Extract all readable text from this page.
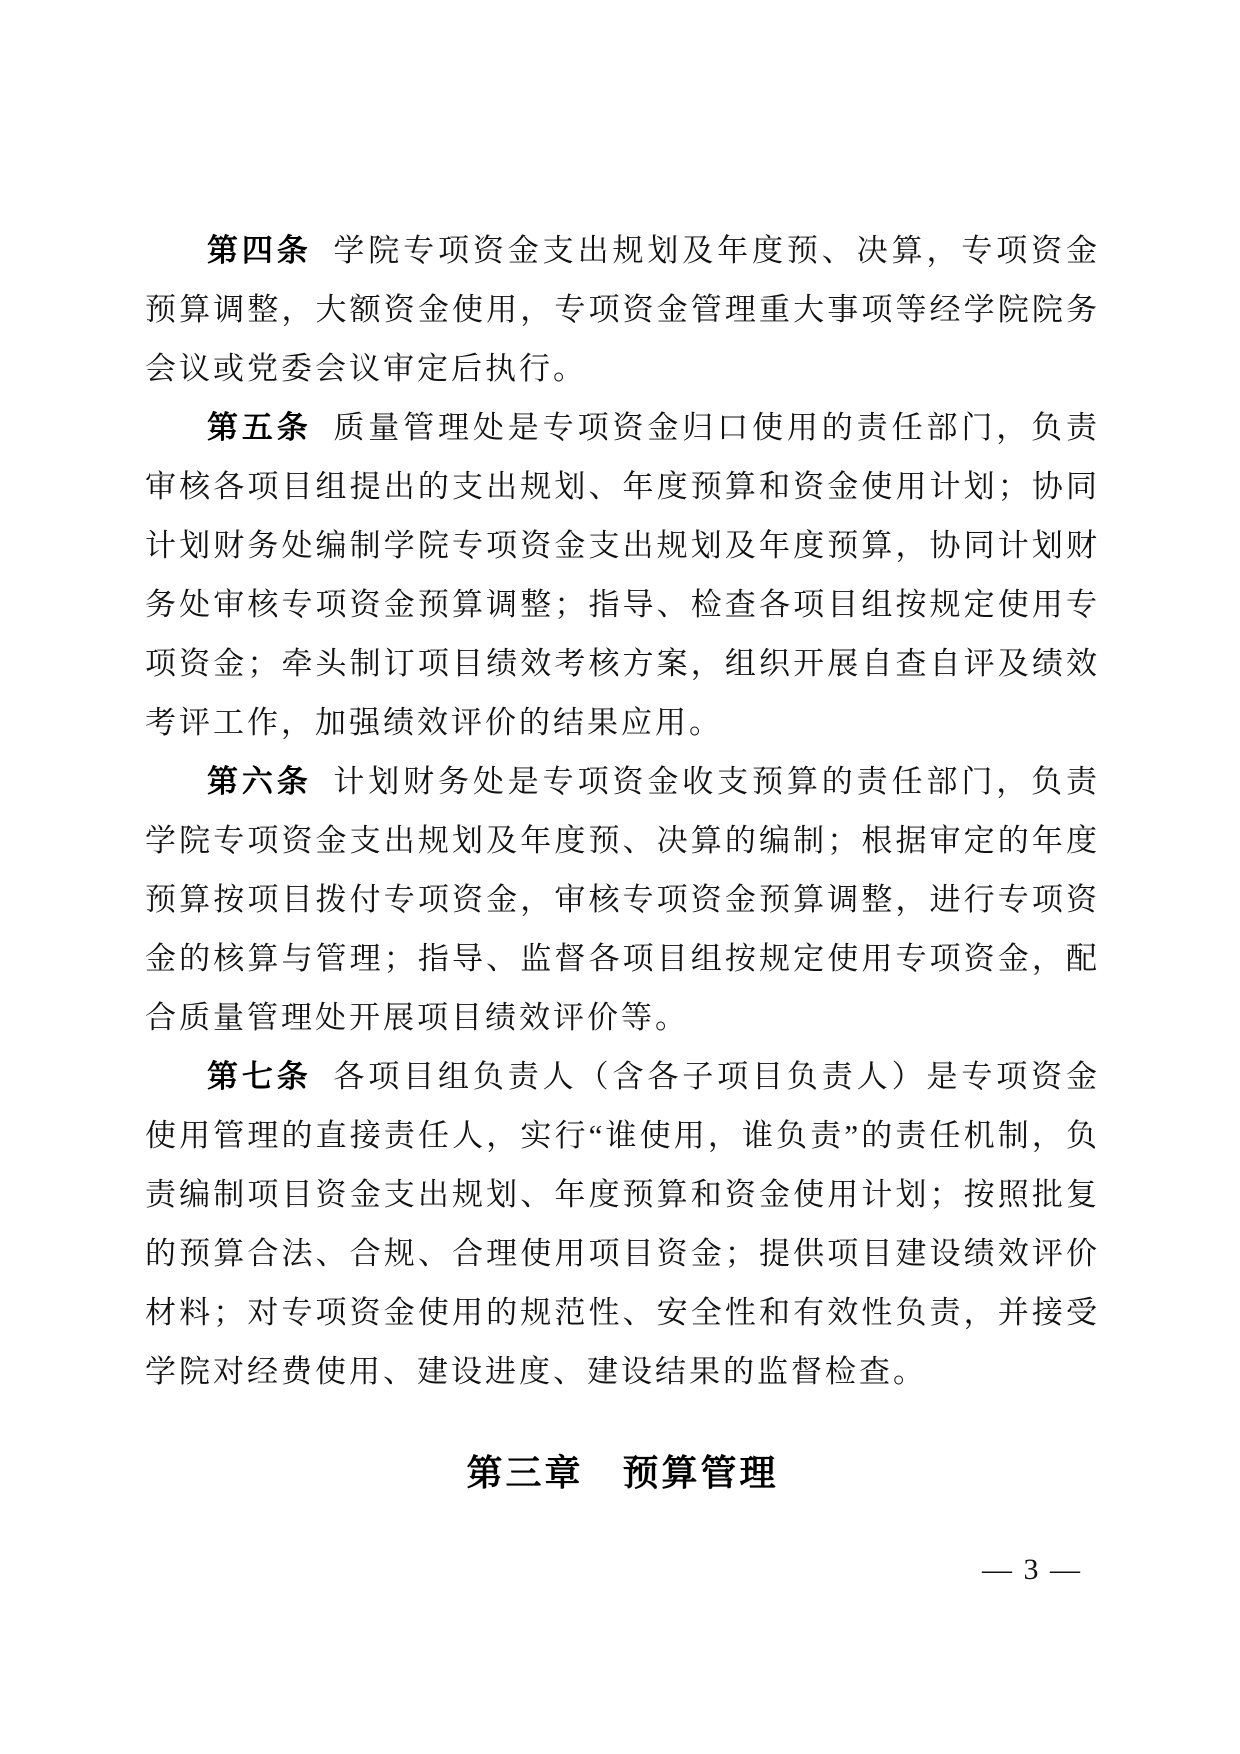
第四条 学院专项资金支出规划及年度预、决算，专项资金预算调整，大额资金使用，专项资金管理重大事项等经学院院务会议或党委会议审定后执行。

第五条 质量管理处是专项资金归口使用的责任部门，负责审核各项目组提出的支出规划、年度预算和资金使用计划；协同计划财务处编制学院专项资金支出规划及年度预算，协同计划财务处审核专项资金预算调整；指导、检查各项目组按规定使用专项资金；牵头制订项目绩效考核方案，组织开展自查自评及绩效考评工作，加强绩效评价的结果应用。

第六条 计划财务处是专项资金收支预算的责任部门，负责学院专项资金支出规划及年度预、决算的编制；根据审定的年度预算按项目拨付专项资金，审核专项资金预算调整，进行专项资金的核算与管理；指导、监督各项目组按规定使用专项资金，配合质量管理处开展项目绩效评价等。

第七条 各项目组负责人（含各子项目负责人）是专项资金使用管理的直接责任人，实行“谁使用，谁负责”的责任机制，负责编制项目资金支出规划、年度预算和资金使用计划；按照批复的预算合法、合规、合理使用项目资金；提供项目建设绩效评价材料；对专项资金使用的规范性、安全性和有效性负责，并接受学院对经费使用、建设进度、建设结果的监督检查。

第三章　预算管理
— 3 —
